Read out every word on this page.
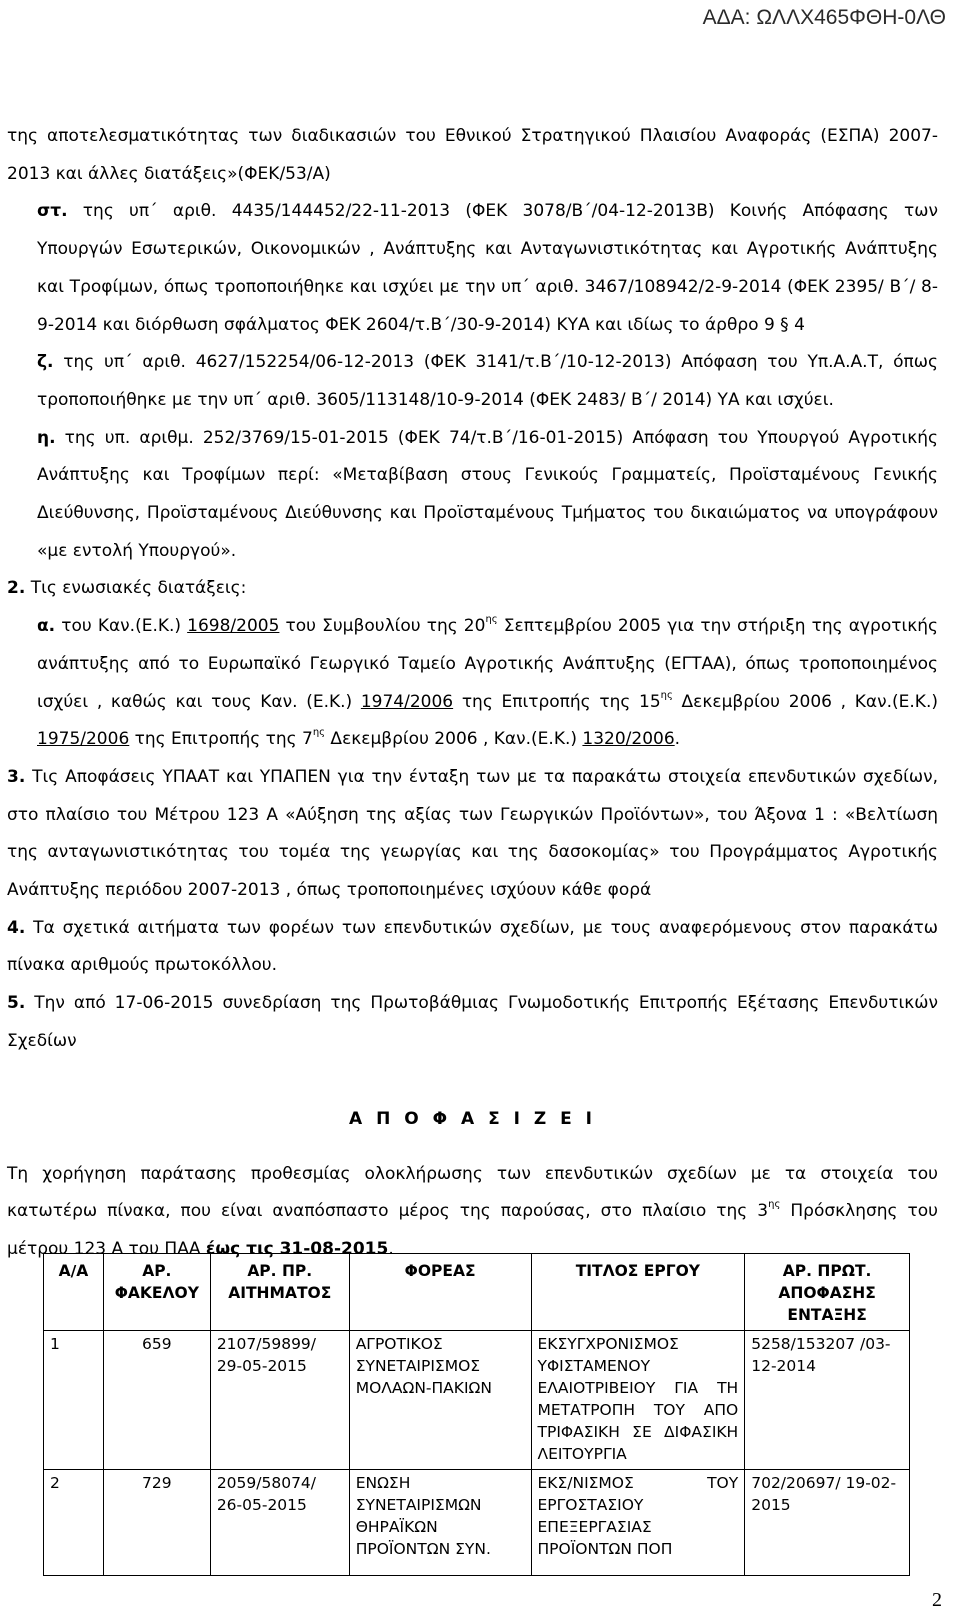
ΑΔΑ: ΩΛΛΧ465ΦΘΗ-0ΛΘ

της αποτελεσματικότητας των διαδικασιών του Εθνικού Στρατηγικού Πλαισίου Αναφοράς (ΕΣΠΑ) 2007-2013 και άλλες διατάξεις»(ΦΕΚ/53/Α)

στ. της υπ΄ αριθ. 4435/144452/22-11-2013 (ΦΕΚ 3078/Β΄/04-12-2013Β) Κοινής Απόφασης των Υπουργών Εσωτερικών, Οικονομικών , Ανάπτυξης και Ανταγωνιστικότητας και Αγροτικής Ανάπτυξης και Τροφίμων, όπως τροποποιήθηκε και ισχύει με την υπ΄ αριθ. 3467/108942/2-9-2014 (ΦΕΚ 2395/ Β΄/ 8-9-2014 και διόρθωση σφάλματος ΦΕΚ 2604/τ.Β΄/30-9-2014) ΚΥΑ και ιδίως το άρθρο 9 § 4

ζ. της υπ΄ αριθ. 4627/152254/06-12-2013 (ΦΕΚ 3141/τ.Β΄/10-12-2013) Απόφαση του Υπ.Α.Α.Τ, όπως τροποποιήθηκε με την υπ΄ αριθ. 3605/113148/10-9-2014 (ΦΕΚ 2483/ Β΄/ 2014) ΥΑ και ισχύει.

η. της υπ. αριθμ. 252/3769/15-01-2015 (ΦΕΚ 74/τ.Β΄/16-01-2015) Απόφαση του Υπουργού Αγροτικής Ανάπτυξης και Τροφίμων περί: «Μεταβίβαση στους Γενικούς Γραμματείς, Προϊσταμένους Γενικής Διεύθυνσης, Προϊσταμένους Διεύθυνσης και Προϊσταμένους Τμήματος του δικαιώματος να υπογράφουν «με εντολή Υπουργού».

2. Τις ενωσιακές διατάξεις:

α. του Καν.(Ε.Κ.) 1698/2005 του Συμβουλίου της $20^{\eta\varsigma}$ Σεπτεμβρίου 2005 για την στήριξη της αγροτικής ανάπτυξης από το Ευρωπαϊκό Γεωργικό Ταμείο Αγροτικής Ανάπτυξης (ΕΓΤΑΑ), όπως τροποποιημένος ισχύει , καθώς και τους Καν. (Ε.Κ.) 1974/2006 της Επιτροπής της $15^{\eta\varsigma}$ Δεκεμβρίου 2006 , Καν.(Ε.Κ.) 1975/2006 της Επιτροπής της $7^{\eta\varsigma}$ Δεκεμβρίου 2006 , Καν.(Ε.Κ.) 1320/2006.

3. Τις Αποφάσεις ΥΠΑΑΤ και ΥΠΑΠΕΝ για την ένταξη των με τα παρακάτω στοιχεία επενδυτικών σχεδίων, στο πλαίσιο του Μέτρου 123 Α «Αύξηση της αξίας των Γεωργικών Προϊόντων», του Άξονα 1 : «Βελτίωση της ανταγωνιστικότητας του τομέα της γεωργίας και της δασοκομίας» του Προγράμματος Αγροτικής Ανάπτυξης περιόδου 2007-2013 , όπως τροποποιημένες ισχύουν κάθε φορά

4. Τα σχετικά αιτήματα των φορέων των επενδυτικών σχεδίων, με τους αναφερόμενους στον παρακάτω πίνακα αριθμούς πρωτοκόλλου.

5. Την από 17-06-2015 συνεδρίαση της Πρωτοβάθμιας Γνωμοδοτικής Επιτροπής Εξέτασης Επενδυτικών Σχεδίων

Α Π Ο Φ Α Σ Ι Ζ Ε Ι

Τη χορήγηση παράτασης προθεσμίας ολοκλήρωσης των επενδυτικών σχεδίων με τα στοιχεία του κατωτέρω πίνακα, που είναι αναπόσπαστο μέρος της παρούσας, στο πλαίσιο της $3^{\eta\varsigma}$ Πρόσκλησης του μέτρου 123 Α του ΠΑΑ έως τις 31-08-2015.

Α/Α	ΑΡ. ΦΑΚΕΛΟΥ	ΑΡ. ΠΡ. ΑΙΤΗΜΑΤΟΣ	ΦΟΡΕΑΣ	ΤΙΤΛΟΣ ΕΡΓΟΥ	ΑΡ. ΠΡΩΤ. ΑΠΟΦΑΣΗΣ ΕΝΤΑΞΗΣ
1	659	2107/59899/ 29-05-2015	ΑΓΡΟΤΙΚΟΣ ΣΥΝΕΤΑΙΡΙΣΜΟΣ ΜΟΛΑΩΝ-ΠΑΚΙΩΝ	ΕΚΣΥΓΧΡΟΝΙΣΜΟΣ ΥΦΙΣΤΑΜΕΝΟΥ ΕΛΑΙΟΤΡΙΒΕΙΟΥ ΓΙΑ ΤΗ ΜΕΤΑΤΡΟΠΗ ΤΟΥ ΑΠΟ ΤΡΙΦΑΣΙΚΗ ΣΕ ΔΙΦΑΣΙΚΗ ΛΕΙΤΟΥΡΓΙΑ	5258/153207 /03-12-2014
2	729	2059/58074/ 26-05-2015	ΕΝΩΣΗ ΣΥΝΕΤΑΙΡΙΣΜΩΝ ΘΗΡΑΪΚΩΝ ΠΡΟΪΟΝΤΩΝ ΣΥΝ.	ΕΚΣ/ΝΙΣΜΟΣ ΤΟΥ ΕΡΓΟΣΤΑΣΙΟΥ ΕΠΕΞΕΡΓΑΣΙΑΣ ΠΡΟΪΟΝΤΩΝ ΠΟΠ	702/20697/ 19-02-2015
2
